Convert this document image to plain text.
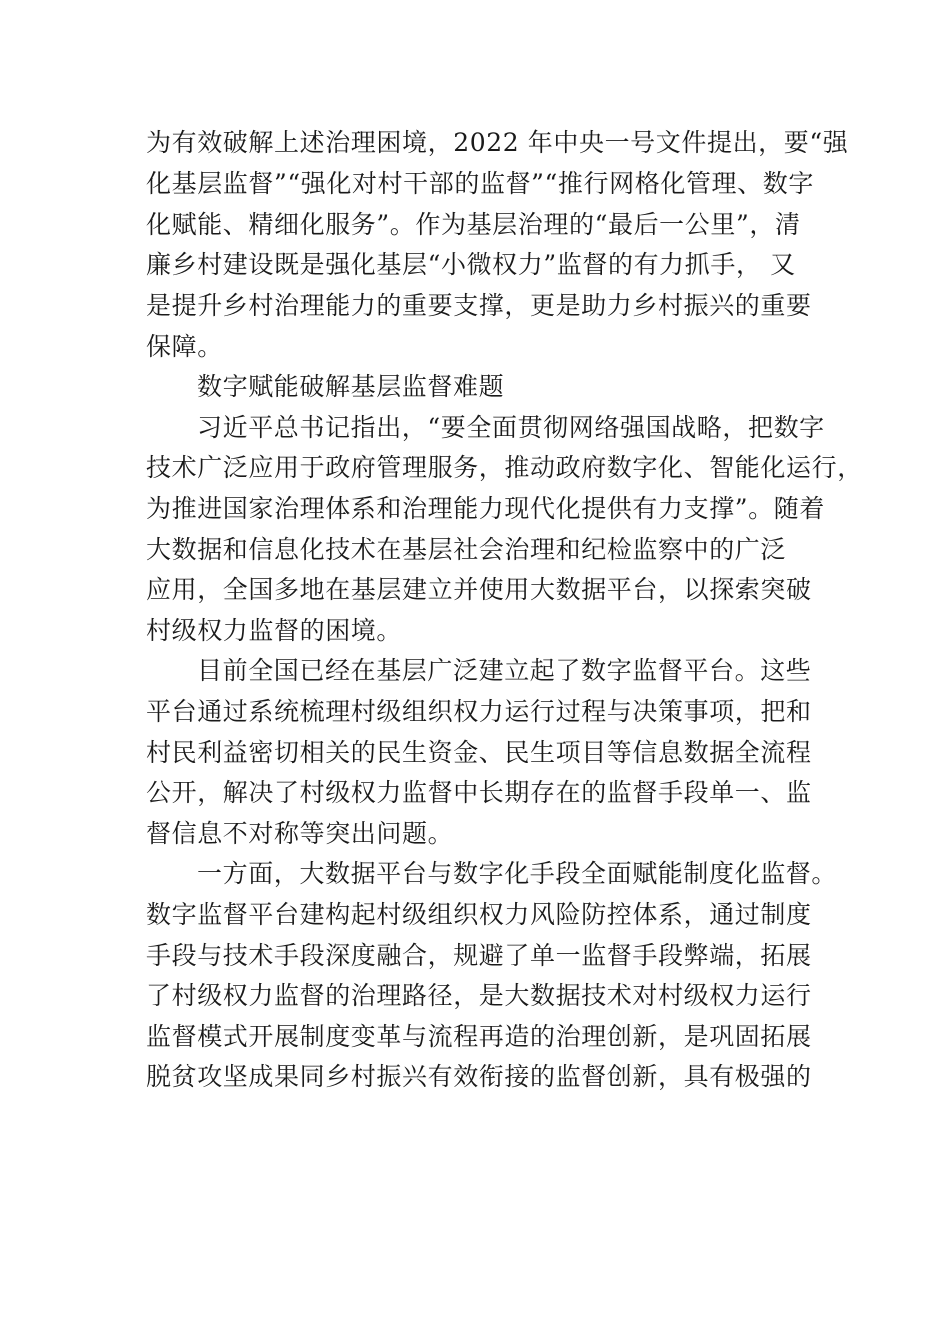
为有效破解上述治理困境，2022 年中央一号文件提出，要“强
化基层监督”“强化对村干部的监督”“推行网格化管理、数字
化赋能、精细化服务”。作为基层治理的“最后一公里”，清
廉乡村建设既是强化基层“小微权力”监督的有力抓手， 又
是提升乡村治理能力的重要支撑，更是助力乡村振兴的重要
保障。
数字赋能破解基层监督难题
习近平总书记指出，“要全面贯彻网络强国战略，把数字
技术广泛应用于政府管理服务，推动政府数字化、智能化运行，
为推进国家治理体系和治理能力现代化提供有力支撑”。随着
大数据和信息化技术在基层社会治理和纪检监察中的广泛
应用，全国多地在基层建立并使用大数据平台，以探索突破
村级权力监督的困境。
目前全国已经在基层广泛建立起了数字监督平台。这些
平台通过系统梳理村级组织权力运行过程与决策事项，把和
村民利益密切相关的民生资金、民生项目等信息数据全流程
公开，解决了村级权力监督中长期存在的监督手段单一、监
督信息不对称等突出问题。
一方面，大数据平台与数字化手段全面赋能制度化监督。
数字监督平台建构起村级组织权力风险防控体系，通过制度
手段与技术手段深度融合，规避了单一监督手段弊端，拓展
了村级权力监督的治理路径，是大数据技术对村级权力运行
监督模式开展制度变革与流程再造的治理创新，是巩固拓展
脱贫攻坚成果同乡村振兴有效衔接的监督创新，具有极强的
